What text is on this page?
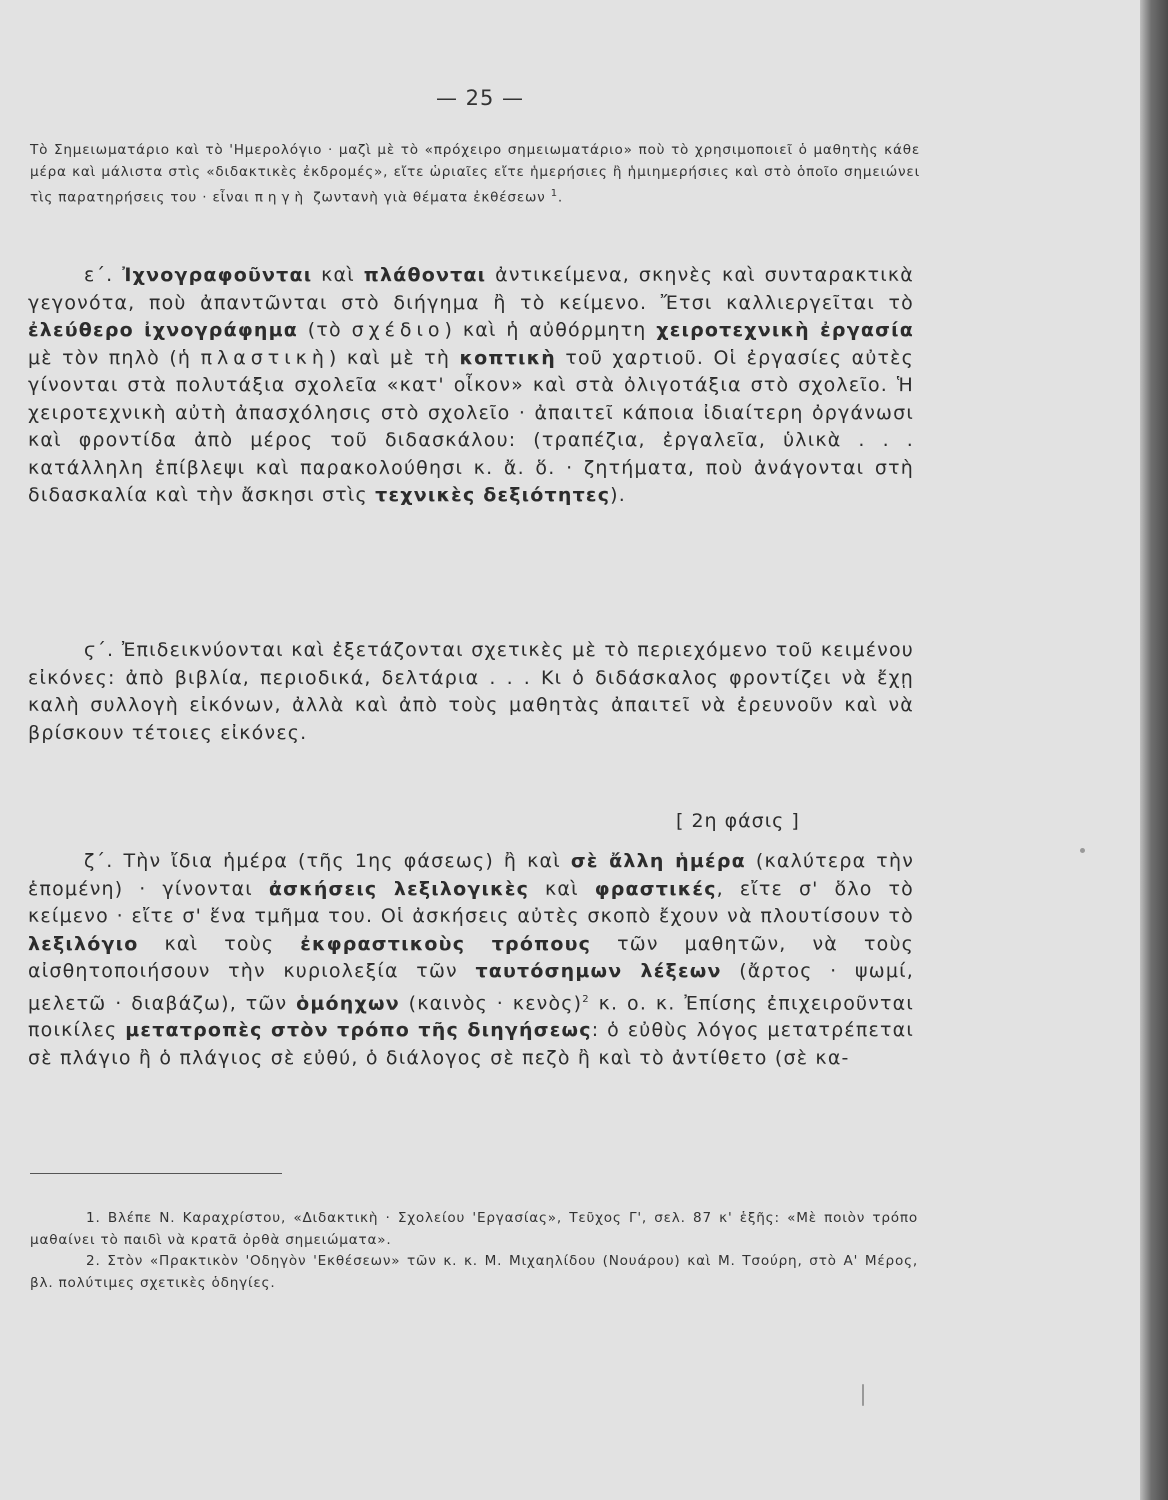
— 25 —
Τὸ Σημειωματάριο καὶ τὸ 'Ημερολόγιο · μαζὶ μὲ τὸ «πρόχειρο σημειωματάριο» ποὺ τὸ χρησιμοποιεῖ ὁ μαθητὴς κάθε μέρα καὶ μάλιστα στὶς «διδακτικὲς ἐκδρομές», εἴτε ὡριαῖες εἴτε ἡμερήσιες ἢ ἡμιημερήσιες καὶ στὸ ὁποῖο σημειώνει τὶς παρατηρήσεις του · εἶναι πηγὴ ζωντανὴ γιὰ θέματα ἐκθέσεων $^1$.
ε΄. Ἰχνογραφοῦνται καὶ πλάθονται ἀντικείμενα, σκηνὲς καὶ συνταρακτικὰ γεγονότα, ποὺ ἀπαντῶνται στὸ διήγημα ἢ τὸ κείμενο. Ἔτσι καλλιεργεῖται τὸ ἐλεύθερο ἰχνογράφημα (τὸ σχέδιο) καὶ ἡ αὐθόρμητη χειροτεχνικὴ ἐργασία μὲ τὸν πηλὸ (ἡ πλαστικὴ) καὶ μὲ τὴ κοπτικὴ τοῦ χαρτιοῦ. Οἱ ἐργασίες αὐτὲς γίνονται στὰ πολυτάξια σχολεῖα «κατ' οἶκον» καὶ στὰ ὀλιγοτάξια στὸ σχολεῖο. Ἡ χειροτεχνικὴ αὐτὴ ἀπασχόλησις στὸ σχολεῖο · ἀπαιτεῖ κάποια ἰδιαίτερη ὀργάνωσι καὶ φροντίδα ἀπὸ μέρος τοῦ διδασκάλου: (τραπέζια, ἐργαλεῖα, ὑλικὰ . . . κατάλληλη ἐπίβλεψι καὶ παρακολούθησι κ. ἄ. ὅ. · ζητήματα, ποὺ ἀνάγονται στὴ διδασκαλία καὶ τὴν ἄσκησι στὶς τεχνικὲς δεξιότητες).
ϛ΄. Ἐπιδεικνύονται καὶ ἐξετάζονται σχετικὲς μὲ τὸ περιεχόμενο τοῦ κειμένου εἰκόνες: ἀπὸ βιβλία, περιοδικά, δελτάρια . . . Κι ὁ διδάσκαλος φροντίζει νὰ ἔχῃ καλὴ συλλογὴ εἰκόνων, ἀλλὰ καὶ ἀπὸ τοὺς μαθητὰς ἀπαιτεῖ νὰ ἐρευνοῦν καὶ νὰ βρίσκουν τέτοιες εἰκόνες.
[ 2η φάσις ]
ζ΄. Τὴν ἴδια ἡμέρα (τῆς 1ης φάσεως) ἢ καὶ σὲ ἄλλη ἡμέρα (καλύτερα τὴν ἑπομένη) · γίνονται ἀσκήσεις λεξιλογικὲς καὶ φραστικές, εἴτε σ' ὅλο τὸ κείμενο · εἴτε σ' ἕνα τμῆμα του. Οἱ ἀσκήσεις αὐτὲς σκοπὸ ἔχουν νὰ πλουτίσουν τὸ λεξιλόγιο καὶ τοὺς ἐκφραστικοὺς τρόπους τῶν μαθητῶν, νὰ τοὺς αἰσθητοποιήσουν τὴν κυριολεξία τῶν ταυτόσημων λέξεων (ἄρτος · ψωμί, μελετῶ · διαβάζω), τῶν ὁμόηχων (καινὸς · κενὸς)$^2$ κ. ο. κ. Ἐπίσης ἐπιχειροῦνται ποικίλες μετατροπὲς στὸν τρόπο τῆς διηγήσεως: ὁ εὐθὺς λόγος μετατρέπεται σὲ πλάγιο ἢ ὁ πλάγιος σὲ εὐθύ, ὁ διάλογος σὲ πεζὸ ἢ καὶ τὸ ἀντίθετο (σὲ κα-
1. Βλέπε Ν. Καραχρίστου, «Διδακτικὴ · Σχολείου 'Εργασίας», Τεῦχος Γ', σελ. 87 κ' ἑξῆς: «Μὲ ποιὸν τρόπο μαθαίνει τὸ παιδὶ νὰ κρατᾶ ὀρθὰ σημειώματα».
2. Στὸν «Πρακτικὸν 'Οδηγὸν 'Εκθέσεων» τῶν κ. κ. Μ. Μιχαηλίδου (Νουάρου) καὶ Μ. Τσούρη, στὸ Α' Μέρος, βλ. πολύτιμες σχετικὲς ὁδηγίες.
